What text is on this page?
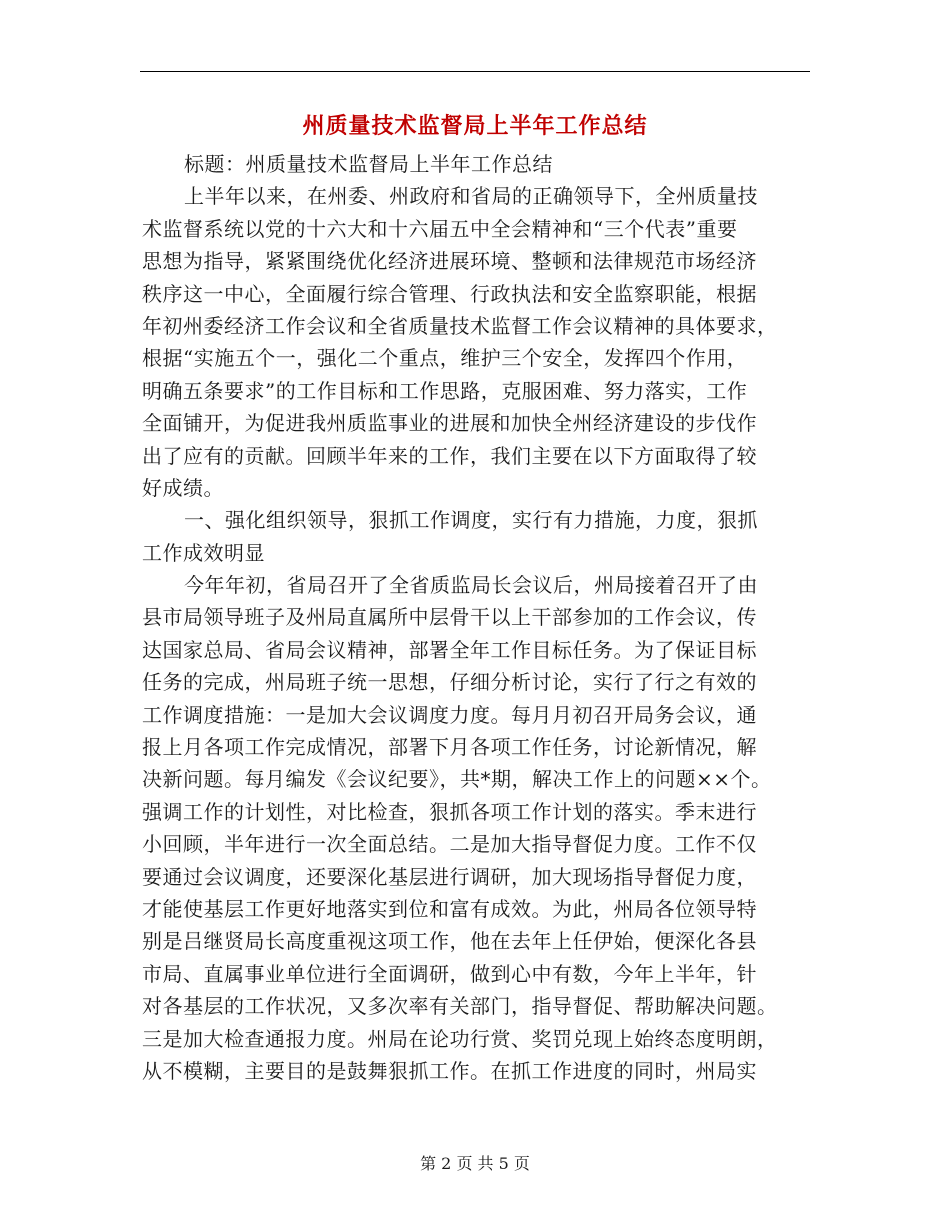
州质量技术监督局上半年工作总结
标题：州质量技术监督局上半年工作总结
上半年以来，在州委、州政府和省局的正确领导下，全州质量技
术监督系统以党的十六大和十六届五中全会精神和“三个代表”重要
思想为指导，紧紧围绕优化经济进展环境、整顿和法律规范市场经济
秩序这一中心，全面履行综合管理、行政执法和安全监察职能，根据
年初州委经济工作会议和全省质量技术监督工作会议精神的具体要求，
根据“实施五个一，强化二个重点，维护三个安全，发挥四个作用，
明确五条要求”的工作目标和工作思路，克服困难、努力落实，工作
全面铺开，为促进我州质监事业的进展和加快全州经济建设的步伐作
出了应有的贡献。回顾半年来的工作，我们主要在以下方面取得了较
好成绩。
一、强化组织领导，狠抓工作调度，实行有力措施，力度，狠抓
工作成效明显
今年年初，省局召开了全省质监局长会议后，州局接着召开了由
县市局领导班子及州局直属所中层骨干以上干部参加的工作会议，传
达国家总局、省局会议精神，部署全年工作目标任务。为了保证目标
任务的完成，州局班子统一思想，仔细分析讨论，实行了行之有效的
工作调度措施：一是加大会议调度力度。每月月初召开局务会议，通
报上月各项工作完成情况，部署下月各项工作任务，讨论新情况，解
决新问题。每月编发《会议纪要》，共*期，解决工作上的问题××个。
强调工作的计划性，对比检查，狠抓各项工作计划的落实。季末进行
小回顾，半年进行一次全面总结。二是加大指导督促力度。工作不仅
要通过会议调度，还要深化基层进行调研，加大现场指导督促力度，
才能使基层工作更好地落实到位和富有成效。为此，州局各位领导特
别是吕继贤局长高度重视这项工作，他在去年上任伊始，便深化各县
市局、直属事业单位进行全面调研，做到心中有数，今年上半年，针
对各基层的工作状况，又多次率有关部门，指导督促、帮助解决问题。
三是加大检查通报力度。州局在论功行赏、奖罚兑现上始终态度明朗，
从不模糊，主要目的是鼓舞狠抓工作。在抓工作进度的同时，州局实
第 2 页 共 5 页
